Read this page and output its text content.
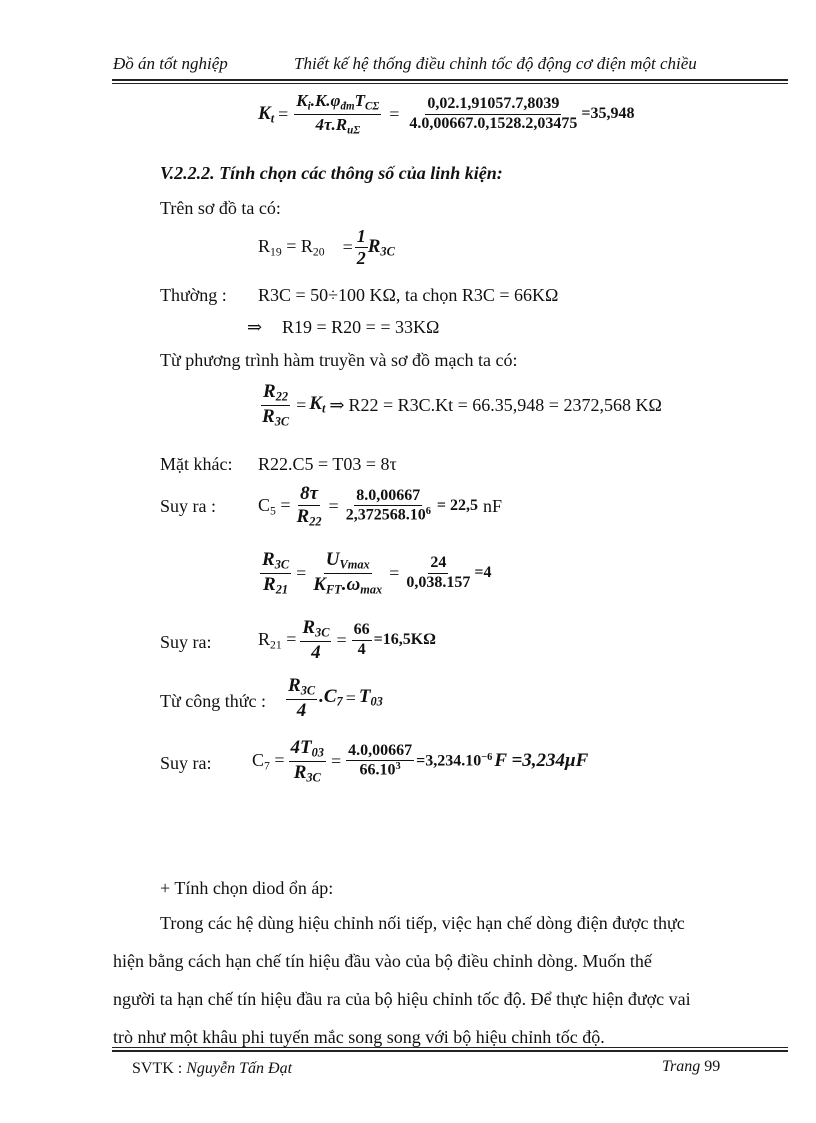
Đồ án tốt nghiệp	Thiết kế hệ thống điều chỉnh tốc độ động cơ điện một chiều
$K_t = \frac{K_i.K.\varphi_{đm}T_{C\Sigma}}{4\tau.R_{u\Sigma}} = \frac{0,02.1,91057.7,8039}{4.0,00667.0,1528.2,03475} =35,948$
V.2.2.2. Tính chọn các thông số của linh kiện:
Trên sơ đồ ta có:
$R_{19} = R_{20} = \frac{1}{2} R_{3C}$
Thường : R3C = 50÷100 KΩ, ta chọn R3C = 66KΩ
⇒ R19 = R20 = = 33KΩ
Từ phương trình hàm truyền và sơ đồ mạch ta có:
$\frac{R_{22}}{R_{3C}} = K_t$ ⇒ R22 = R3C.Kt = 66.35,948 = 2372,568 KΩ
Mặt khác: R22.C5 = T03 = 8τ
Suy ra : $C_5 = \frac{8\tau}{R_{22}} = \frac{8.0,00667}{2,372568.10^6} = 22,5$ nF
$\frac{R_{3C}}{R_{21}} = \frac{U_{Vmax}}{K_{FT}.\omega_{max}} = \frac{24}{0,038.157} =4$
Suy ra:	$R_{21} = \frac{R_{3C}}{4} = \frac{66}{4} =16,5K\Omega$
Từ công thức : $\frac{R_{3C}}{4} .C_7 = T_{03}$
Suy ra: $C_7 = \frac{4T_{03}}{R_{3C}} = \frac{4.0,00667}{66.10^3} =3,234.10^{-6}$ F =3,234μF
+ Tính chọn diod ổn áp:
Trong các hệ dùng hiệu chỉnh nối tiếp, việc hạn chế dòng điện được thực
hiện bằng cách hạn chế tín hiệu đầu vào của bộ điều chỉnh dòng. Muốn thế
người ta hạn chế tín hiệu đầu ra của bộ hiệu chỉnh tốc độ. Để thực hiện được vai
trò như một khâu phi tuyến mắc song song với bộ hiệu chỉnh tốc độ.
SVTK : Nguyễn Tấn Đạt	Trang 99
